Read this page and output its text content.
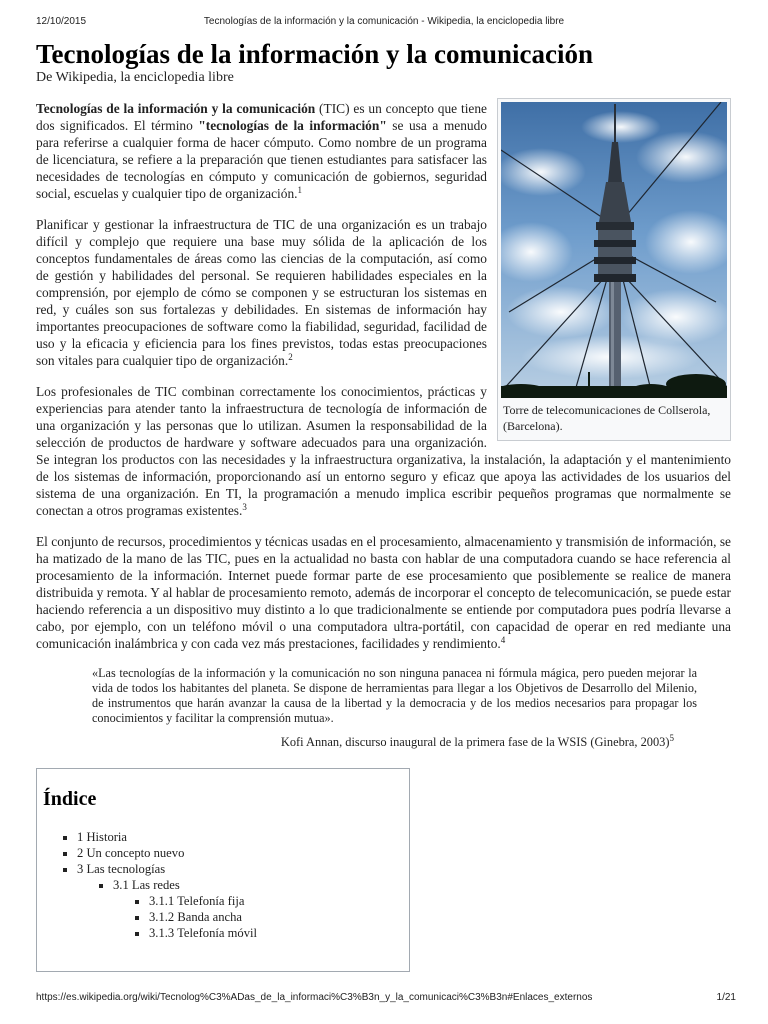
12/10/2015	Tecnologías de la información y la comunicación - Wikipedia, la enciclopedia libre
Tecnologías de la información y la comunicación
De Wikipedia, la enciclopedia libre
Torre de telecomunicaciones de Collserola, (Barcelona).

Tecnologías de la información y la comunicación (TIC) es un concepto que tiene dos significados. El término "tecnologías de la información" se usa a menudo para referirse a cualquier forma de hacer cómputo. Como nombre de un programa de licenciatura, se refiere a la preparación que tienen estudiantes para satisfacer las necesidades de tecnologías en cómputo y comunicación de gobiernos, seguridad social, escuelas y cualquier tipo de organización.$^1$

Planificar y gestionar la infraestructura de TIC de una organización es un trabajo difícil y complejo que requiere una base muy sólida de la aplicación de los conceptos fundamentales de áreas como las ciencias de la computación, así como de gestión y habilidades del personal. Se requieren habilidades especiales en la comprensión, por ejemplo de cómo se componen y se estructuran los sistemas en red, y cuáles son sus fortalezas y debilidades. En sistemas de información hay importantes preocupaciones de software como la fiabilidad, seguridad, facilidad de uso y la eficacia y eficiencia para los fines previstos, todas estas preocupaciones son vitales para cualquier tipo de organización.$^2$

Los profesionales de TIC combinan correctamente los conocimientos, prácticas y experiencias para atender tanto la infraestructura de tecnología de información de una organización y las personas que lo utilizan. Asumen la responsabilidad de la selección de productos de hardware y software adecuados para una organización. Se integran los productos con las necesidades y la infraestructura organizativa, la instalación, la adaptación y el mantenimiento de los sistemas de información, proporcionando así un entorno seguro y eficaz que apoya las actividades de los usuarios del sistema de una organización. En TI, la programación a menudo implica escribir pequeños programas que normalmente se conectan a otros programas existentes.$^3$

El conjunto de recursos, procedimientos y técnicas usadas en el procesamiento, almacenamiento y transmisión de información, se ha matizado de la mano de las TIC, pues en la actualidad no basta con hablar de una computadora cuando se hace referencia al procesamiento de la información. Internet puede formar parte de ese procesamiento que posiblemente se realice de manera distribuida y remota. Y al hablar de procesamiento remoto, además de incorporar el concepto de telecomunicación, se puede estar haciendo referencia a un dispositivo muy distinto a lo que tradicionalmente se entiende por computadora pues podría llevarse a cabo, por ejemplo, con un teléfono móvil o una computadora ultra-portátil, con capacidad de operar en red mediante una comunicación inalámbrica y con cada vez más prestaciones, facilidades y rendimiento.$^4$

«Las tecnologías de la información y la comunicación no son ninguna panacea ni fórmula mágica, pero pueden mejorar la vida de todos los habitantes del planeta. Se dispone de herramientas para llegar a los Objetivos de Desarrollo del Milenio, de instrumentos que harán avanzar la causa de la libertad y la democracia y de los medios necesarios para propagar los conocimientos y facilitar la comprensión mutua».
Kofi Annan, discurso inaugural de la primera fase de la WSIS (Ginebra, 2003)$^5$
Índice
▪ 1 Historia
▪ 2 Un concepto nuevo
▪ 3 Las tecnologías
▪ 3.1 Las redes
▪ 3.1.1 Telefonía fija
▪ 3.1.2 Banda ancha
▪ 3.1.3 Telefonía móvil
https://es.wikipedia.org/wiki/Tecnolog%C3%ADas_de_la_informaci%C3%B3n_y_la_comunicaci%C3%B3n#Enlaces_externos	1/21
